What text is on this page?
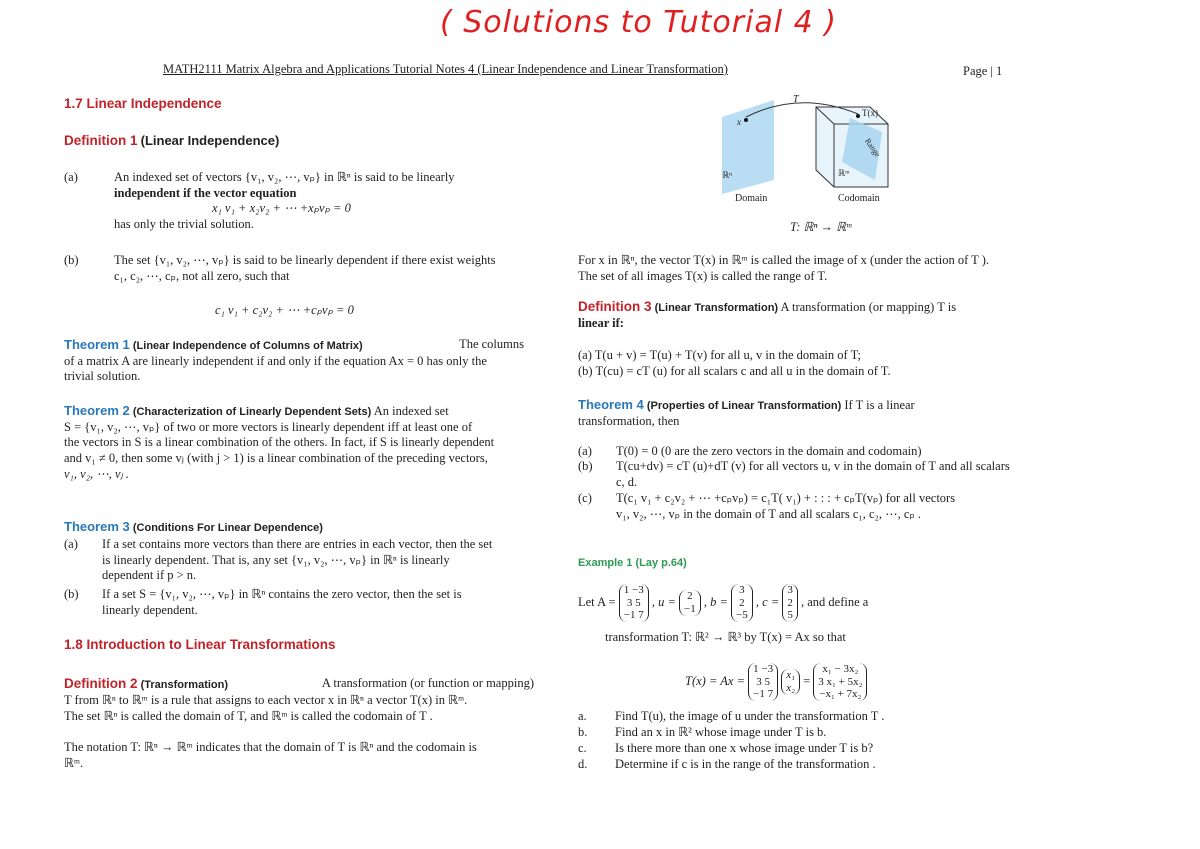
( Solutions to Tutorial 4 )
MATH2111 Matrix Algebra and Applications Tutorial Notes 4 (Linear Independence and Linear Transformation)	Page | 1
1.7 Linear Independence
Definition 1 (Linear Independence)
(a)	An indexed set of vectors {v₁, v₂, ⋯, vₚ} in ℝⁿ is said to be linearly
independent if the vector equation
x₁ v₁ + x₂v₂ + ⋯ +xₚvₚ = 0
has only the trivial solution.
(b)	The set {v₁, v₂, ⋯, vₚ} is said to be linearly dependent if there exist weights
c₁, c₂, ⋯, cₚ, not all zero, such that
c₁ v₁ + c₂v₂ + ⋯ +cₚvₚ = 0
Theorem 1 (Linear Independence of Columns of Matrix)	The columns
of a matrix A are linearly independent if and only if the equation Ax = 0 has only the
trivial solution.
Theorem 2 (Characterization of Linearly Dependent Sets) An indexed set
S = {v₁, v₂, ⋯, vₚ} of two or more vectors is linearly dependent iff at least one of
the vectors in S is a linear combination of the others. In fact, if S is linearly dependent
and v₁ ≠ 0, then some vⱼ (with j > 1) is a linear combination of the preceding vectors,
v₁, v₂, ⋯, vⱼ .
Theorem 3 (Conditions For Linear Dependence)
(a) If a set contains more vectors than there are entries in each vector, then the set
is linearly dependent. That is, any set {v₁, v₂, ⋯, vₚ} in ℝⁿ is linearly
dependent if p > n.
(b) If a set S = {v₁, v₂, ⋯, vₚ} in ℝⁿ contains the zero vector, then the set is
linearly dependent.
1.8 Introduction to Linear Transformations
Definition 2 (Transformation)	A transformation (or function or mapping)
T from ℝⁿ to ℝᵐ is a rule that assigns to each vector x in ℝⁿ a vector T(x) in ℝᵐ.
The set ℝⁿ is called the domain of T, and ℝᵐ is called the codomain of T .
The notation T: ℝⁿ → ℝᵐ indicates that the domain of T is ℝⁿ and the codomain is
ℝᵐ.
T
T(x)
x
ℝⁿ	ℝᵐ
Range
Domain	Codomain
T: ℝⁿ → ℝᵐ
For x in ℝⁿ, the vector T(x) in ℝᵐ is called the image of x (under the action of T ).
The set of all images T(x) is called the range of T.
Definition 3 (Linear Transformation) A transformation (or mapping) T is
linear if:
(a) T(u + v) = T(u) + T(v) for all u, v in the domain of T;
(b) T(cu) = cT (u) for all scalars c and all u in the domain of T.
Theorem 4 (Properties of Linear Transformation) If T is a linear
transformation, then
(a) T(0) = 0 (0 are the zero vectors in the domain and codomain)
(b) T(cu+dv) = cT (u)+dT (v) for all vectors u, v in the domain of T and all scalars
c, d.
(c) T(c₁ v₁ + c₂v₂ + ⋯ +cₚvₚ) = c₁T( v₁) + : : : + cₚT(vₚ) for all vectors
v₁, v₂, ⋯, vₚ in the domain of T and all scalars c₁, c₂, ⋯, cₚ .
Example 1 (Lay p.64)
Let A =
1 −3
3 5
−1 7
, u = 2
−1 , b =
3
2
−5
, c =
3
2
5
, and define a
transformation T: ℝ² → ℝ³ by T(x) = Ax so that
T(x) = Ax =
1 −3
3 5
−1 7

x₁
x₂ =
x₁ − 3x₂
3 x₁ + 5x₂
−x₁ + 7x₂
a. Find T(u), the image of u under the transformation T .
b. Find an x in ℝ² whose image under T is b.
c. Is there more than one x whose image under T is b?
d. Determine if c is in the range of the transformation .
